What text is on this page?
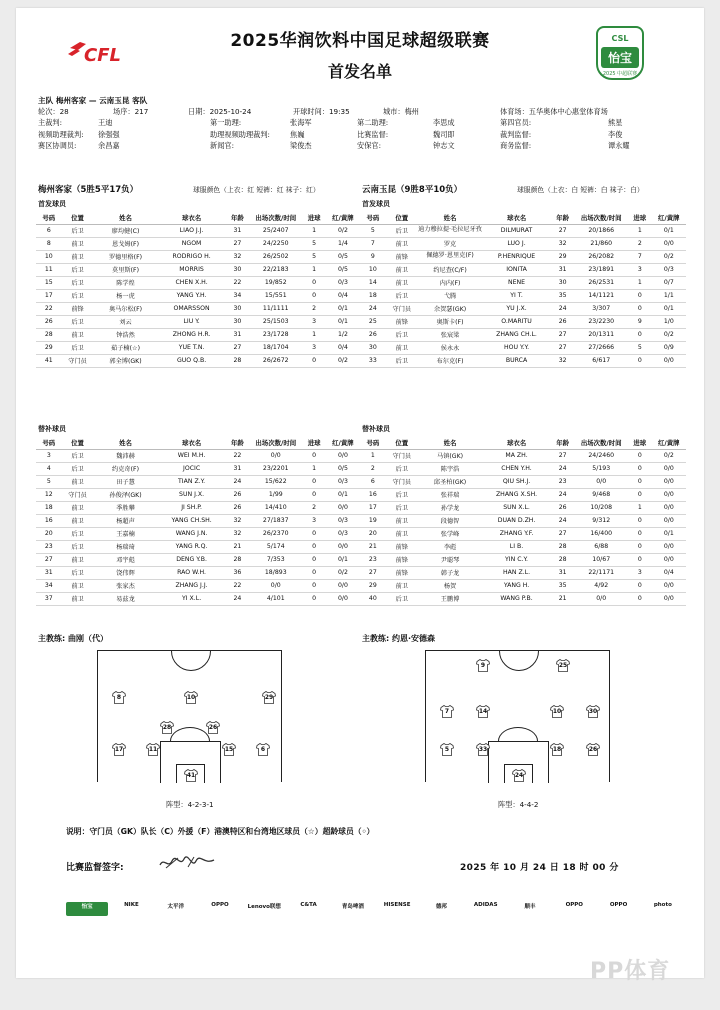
CFL
2025华润饮料中国足球超级联赛
首发名单
CSL
怡宝
2025 中超联赛
主队 梅州客家 — 云南玉昆 客队
轮次：28	场序：217	日期：2025-10-24	开球时间：19:35	城市：梅州	体育场：五华奥体中心惠堂体育场
主裁判:	王迪	第一助理:	张海军	第二助理:	李思成	第四官员:	熊星
视频助理裁判: 徐强强	助理视频助理裁判:	焦巍	比赛监督:	魏司即	裁判监督:	李俊
赛区协调员:	余昌嘉	新闻官:	梁俊杰	安保官:	钟志文	商务监督:	谭永耀
梅州客家（5胜5平17负）	球服颜色（上衣：红 短裤：红 袜子：红）	云南玉昆（9胜8平10负）	球服颜色（上衣：白 短裤：白 袜子：白）
首发球员	首发球员
号码	位置	姓名	球衣名	年龄	出场次数/时间	进球	红/黄牌
6	后卫	廖均健(C)	LIAO J.J.	31	25/2407	1	0/2
8	前卫	恩戈姆(F)	NGOM	27	24/2250	5	1/4
10	前卫	罗德里格(F)	RODRIGO H.	32	26/2502	5	0/5
11	后卫	莫里斯(F)	MORRIS	30	22/2183	1	0/5
15	后卫	陈学煌	CHEN X.H.	22	19/852	0	0/3
17	后卫	杨一虎	YANG Y.H.	34	15/551	0	0/4
22	前锋	奥马尔松(F)	OMARSSON	30	11/1111	2	0/1
26	后卫	刘云	LIU Y.	30	25/1503	3	0/1
28	前卫	钟浩然	ZHONG H.R.	31	23/1728	1	1/2
29	后卫	茹子楠(☆)	YUE T.N.	27	18/1704	3	0/4
41	守门员	郭全博(GK)	GUO Q.B.	28	26/2672	0	0/2
号码	位置	姓名	球衣名	年龄	出场次数/时间	进球	红/黄牌
5	后卫	迪力穆拉提·毛拉尼牙孜	DILMURAT	27	20/1866	1	0/1
7	前卫	罗克	LUO J.	32	21/860	2	0/0
9	前锋	佩德罗·恩里克(F)	P.HENRIQUE	29	26/2082	7	0/2
10	前卫	约尼查(C/F)	IONITA	31	23/1891	3	0/3
14	前卫	内内(F)	NENE	30	26/2531	1	0/7
18	后卫	弋腾	YI T.	35	14/1121	0	1/1
24	守门员	余贺瑟(GK)	YU J.X.	24	3/307	0	0/1
25	前锋	奥斯卡(F)	O.MARITU	26	23/2230	9	1/0
26	后卫	张宸梁	ZHANG CH.L.	27	20/1311	0	0/2
30	前卫	侯永永	HOU Y.Y.	27	27/2666	5	0/9
33	后卫	布尔克(F)	BURCA	32	6/617	0	0/0
替补球员	替补球员
号码	位置	姓名	球衣名	年龄	出场次数/时间	进球	红/黄牌
3	后卫	魏沛赫	WEI M.H.	22	0/0	0	0/0
4	后卫	约克奇(F)	JOCIC	31	23/2201	1	0/5
5	前卫	田子慧	TIAN Z.Y.	24	15/622	0	0/3
12	守门员	孙俊泽(GK)	SUN J.X.	26	1/99	0	0/1
18	前卫	季胜攀	JI SH.P.	26	14/410	2	0/0
16	前卫	杨超声	YANG CH.SH.	32	27/1837	3	0/3
20	后卫	王嘉楠	WANG J.N.	32	26/2370	0	0/3
23	后卫	杨瑞琦	YANG R.Q.	21	5/174	0	0/0
27	前卫	邓宇彪	DENG Y.B.	28	7/353	0	0/1
31	后卫	饶伟辉	RAO W.H.	36	18/893	0	0/2
34	前卫	张家杰	ZHANG J.J.	22	0/0	0	0/0
37	前卫	易兹龙	YI X.L.	24	4/101	0	0/0
号码	位置	姓名	球衣名	年龄	出场次数/时间	进球	红/黄牌
1	守门员	马镇(GK)	MA ZH.	27	24/2460	0	0/2
2	后卫	陈宇浩	CHEN Y.H.	24	5/193	0	0/0
6	守门员	邱圣柏(GK)	QIU SH.J.	23	0/0	0	0/0
16	后卫	张祥瑞	ZHANG X.SH.	24	9/468	0	0/0
17	后卫	孙学龙	SUN X.L.	26	10/208	1	0/0
19	前卫	段德智	DUAN D.ZH.	24	9/312	0	0/0
20	前卫	张学峰	ZHANG Y.F.	27	16/400	0	0/1
21	前锋	李彪	LI B.	28	6/88	0	0/0
23	前锋	尹聪琴	YIN C.Y.	28	10/67	0	0/0
27	前锋	韩子龙	HAN Z.L.	31	22/1171	3	0/4
29	前卫	杨贺	YANG H.	35	4/92	0	0/0
40	后卫	王鹏博	WANG P.B.	21	0/0	0	0/0
主教练: 曲刚（代）	主教练: 约恩·安德森
8	10	29
17	11	15	6
28	26
41
9	25
7	14	10	30
5	33	18	26
24
阵型：4-2-3-1	阵型：4-4-2
说明：守门员（GK）队长（C）外援（F）港澳特区和台湾地区球员（☆）超龄球员（◦）
比赛监督签字:	2025 年 10 月 24 日 18 时 00 分
怡宝	NIKE	太平洋	OPPO	Lenovo联想	C&TA	青岛啤酒	HISENSE	德邦	ADIDAS	顺丰	OPPO	OPPO	photo
PP体育
